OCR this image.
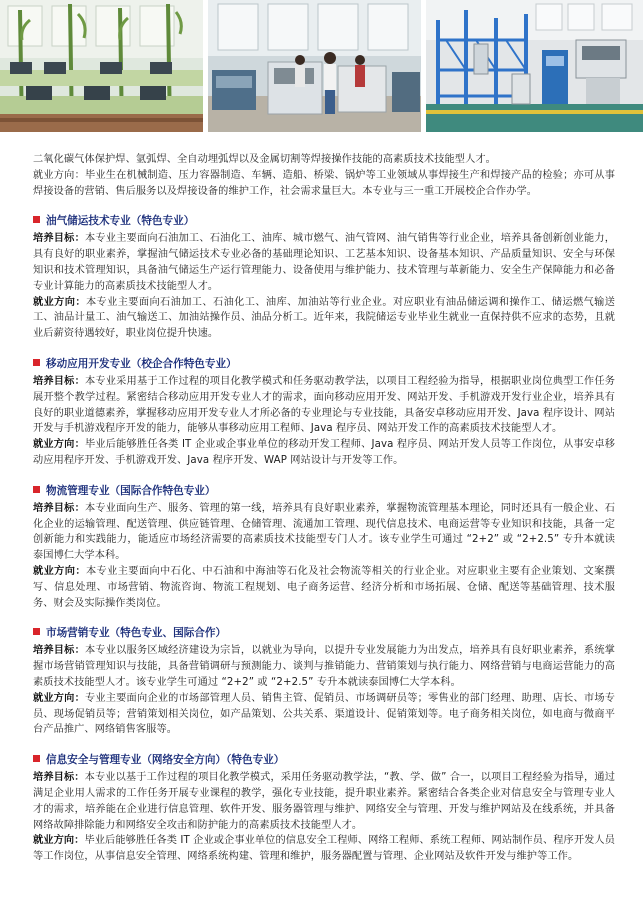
二氧化碳气体保护焊、氩弧焊、全自动埋弧焊以及金属切割等焊接操作技能的高素质技术技能型人才。

就业方向：毕业生在机械制造、压力容器制造、车辆、造船、桥梁、锅炉等工业领域从事焊接生产和焊接产品的检验；亦可从事焊接设备的营销、售后服务以及焊接设备的维护工作，社会需求量巨大。本专业与三一重工开展校企合作办学。

油气储运技术专业（特色专业）

培养目标：本专业主要面向石油加工、石油化工、油库、城市燃气、油气管网、油气销售等行业企业，培养具备创新创业能力，具有良好的职业素养，掌握油气储运技术专业必备的基础理论知识、工艺基本知识、设备基本知识、产品质量知识、安全与环保知识和技术管理知识，具备油气储运生产运行管理能力、设备使用与维护能力、技术管理与革新能力、安全生产保障能力和必备专业计算能力的高素质技术技能型人才。

就业方向：本专业主要面向石油加工、石油化工、油库、加油站等行业企业。对应职业有油品储运调和操作工、储运燃气输送工、油品计量工、油气输送工、加油站操作员、油品分析工。近年来，我院储运专业毕业生就业一直保持供不应求的态势，且就业后薪资待遇较好，职业岗位提升快速。

移动应用开发专业（校企合作特色专业）

培养目标：本专业采用基于工作过程的项目化教学模式和任务驱动教学法，以项目工程经验为指导，根据职业岗位典型工作任务展开整个教学过程。紧密结合移动应用开发专业人才的需求，面向移动应用开发、网站开发、手机游戏开发行业企业，培养具有良好的职业道德素养，掌握移动应用开发专业人才所必备的专业理论与专业技能，具备安卓移动应用开发、Java 程序设计、网站开发与手机游戏程序开发的能力，能够从事移动应用工程师、Java 程序员、网站开发工作的高素质技术技能型人才。

就业方向：毕业后能够胜任各类 IT 企业或企事业单位的移动开发工程师、Java 程序员、网站开发人员等工作岗位，从事安卓移动应用程序开发、手机游戏开发、Java 程序开发、WAP 网站设计与开发等工作。

物流管理专业（国际合作特色专业）

培养目标：本专业面向生产、服务、管理的第一线，培养具有良好职业素养，掌握物流管理基本理论，同时还具有一般企业、石化企业的运输管理、配送管理、供应链管理、仓储管理、流通加工管理、现代信息技术、电商运营等专业知识和技能，具备一定创新能力和实践能力，能适应市场经济需要的高素质技术技能型专门人才。该专业学生可通过 “2+2” 或 “2+2.5” 专升本就读泰国博仁大学本科。

就业方向：本专业主要面向中石化、中石油和中海油等石化及社会物流等相关的行业企业。对应职业主要有企业策划、文案撰写、信息处理、市场营销、物流咨询、物流工程规划、电子商务运营、经济分析和市场拓展、仓储、配送等基础管理、技术服务、财会及实际操作类岗位。

市场营销专业（特色专业、国际合作）

培养目标：本专业以服务区域经济建设为宗旨，以就业为导向，以提升专业发展能力为出发点，培养具有良好职业素养，系统掌握市场营销管理知识与技能，具备营销调研与预测能力、谈判与推销能力、营销策划与执行能力、网络营销与电商运营能力的高素质技术技能型人才。该专业学生可通过 “2+2” 或 “2+2.5” 专升本就读泰国博仁大学本科。

就业方向：专业主要面向企业的市场部管理人员、销售主管、促销员、市场调研员等；零售业的部门经理、助理、店长、市场专员、现场促销员等；营销策划相关岗位，如产品策划、公共关系、渠道设计、促销策划等。电子商务相关岗位，如电商与微商平台产品推广、网络销售客服等。

信息安全与管理专业（网络安全方向）（特色专业）

培养目标：本专业以基于工作过程的项目化教学模式，采用任务驱动教学法，“教、学、做” 合一，以项目工程经验为指导，通过满足企业用人需求的工作任务开展专业课程的教学，强化专业技能，提升职业素养。紧密结合各类企业对信息安全与管理专业人才的需求，培养能在企业进行信息管理、软件开发、服务器管理与维护、网络安全与管理、开发与维护网站及在线系统，并具备网络故障排除能力和网络安全攻击和防护能力的高素质技术技能型人才。

就业方向：毕业后能够胜任各类 IT 企业或企事业单位的信息安全工程师、网络工程师、系统工程师、网站制作员、程序开发人员等工作岗位，从事信息安全管理、网络系统构建、管理和维护，服务器配置与管理、企业网站及软件开发与维护等工作。
